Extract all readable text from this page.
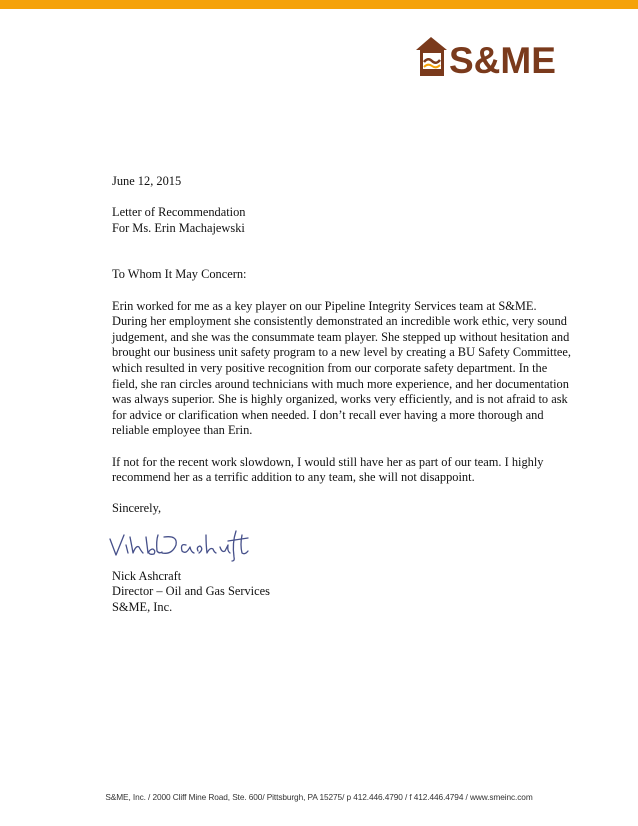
S&ME

June 12, 2015

Letter of Recommendation

For Ms. Erin Machajewski

To Whom It May Concern:

Erin worked for me as a key player on our Pipeline Integrity Services team at S&ME. During her employment she consistently demonstrated an incredible work ethic, very sound judgement, and she was the consummate team player. She stepped up without hesitation and brought our business unit safety program to a new level by creating a BU Safety Committee, which resulted in very positive recognition from our corporate safety department. In the field, she ran circles around technicians with much more experience, and her documentation was always superior. She is highly organized, works very efficiently, and is not afraid to ask for advice or clarification when needed. I don’t recall ever having a more thorough and reliable employee than Erin.

If not for the recent work slowdown, I would still have her as part of our team. I highly recommend her as a terrific addition to any team, she will not disappoint.

Sincerely,

Nick Ashcraft

Director – Oil and Gas Services

S&ME, Inc.

S&ME, Inc. / 2000 Cliff Mine Road, Ste. 600/ Pittsburgh, PA 15275/ p 412.446.4790 / f 412.446.4794 / www.smeinc.com
